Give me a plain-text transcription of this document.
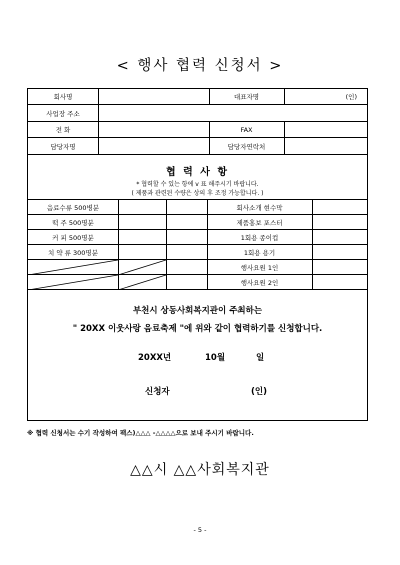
< 행사 협력 신청서 >
회사명	대표자명	(인)
사업장 주소
전 화	FAX
담당자명	담당자연락처
협 력 사 항
* 협력할 수 있는 항에 v 표 해주시기 바랍니다.
( 제품과 관련된 수량은 상의 후 조정 가능합니다. )
음료수류 500병분	회사소개 현수막
떡 주 500명분	제품홍보 포스터
커 피 500명분	1회용 종이컵
치 약 류 300명분	1회용 용기
행사요원 1인
행사요원 2인
부천시 상동사회복지관이 주최하는
" 20XX 이웃사랑 음료축제 "에 위와 같이 협력하기를 신청합니다.
20XX년	10월	일
신청자	(인)
※ 협력 신청서는 수기 작성하여 팩스)△△△ -△△△△으로 보내 주시기 바랍니다.
△△시 △△사회복지관
- 5 -
